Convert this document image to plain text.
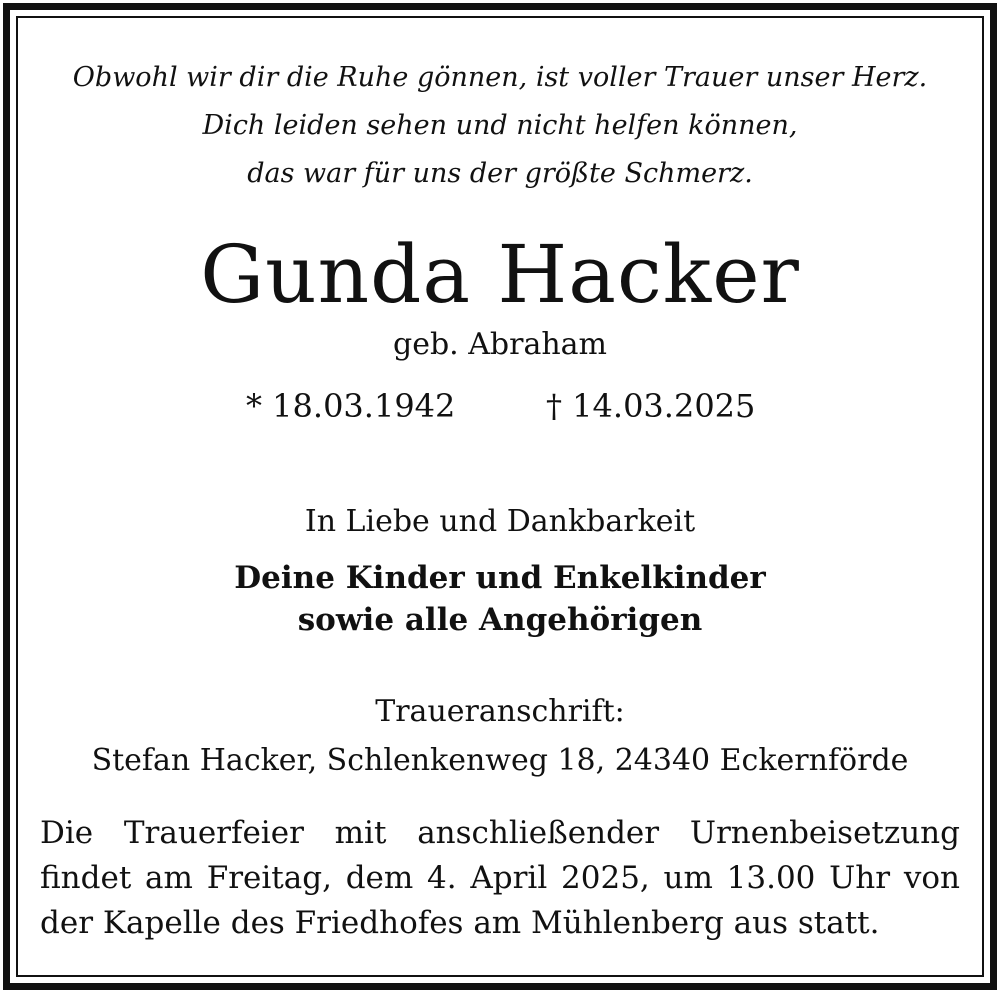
Obwohl wir dir die Ruhe gönnen, ist voller Trauer unser Herz.
Dich leiden sehen und nicht helfen können,
das war für uns der größte Schmerz.
Gunda Hacker
geb. Abraham
* 18.03.1942	† 14.03.2025
In Liebe und Dankbarkeit
Deine Kinder und Enkelkinder
sowie alle Angehörigen
Traueranschrift:
Stefan Hacker, Schlenkenweg 18, 24340 Eckernförde
Die Trauerfeier mit anschließender Urnenbeisetzung
findet am Freitag, dem 4. April 2025, um 13.00 Uhr von
der Kapelle des Friedhofes am Mühlenberg aus statt.
